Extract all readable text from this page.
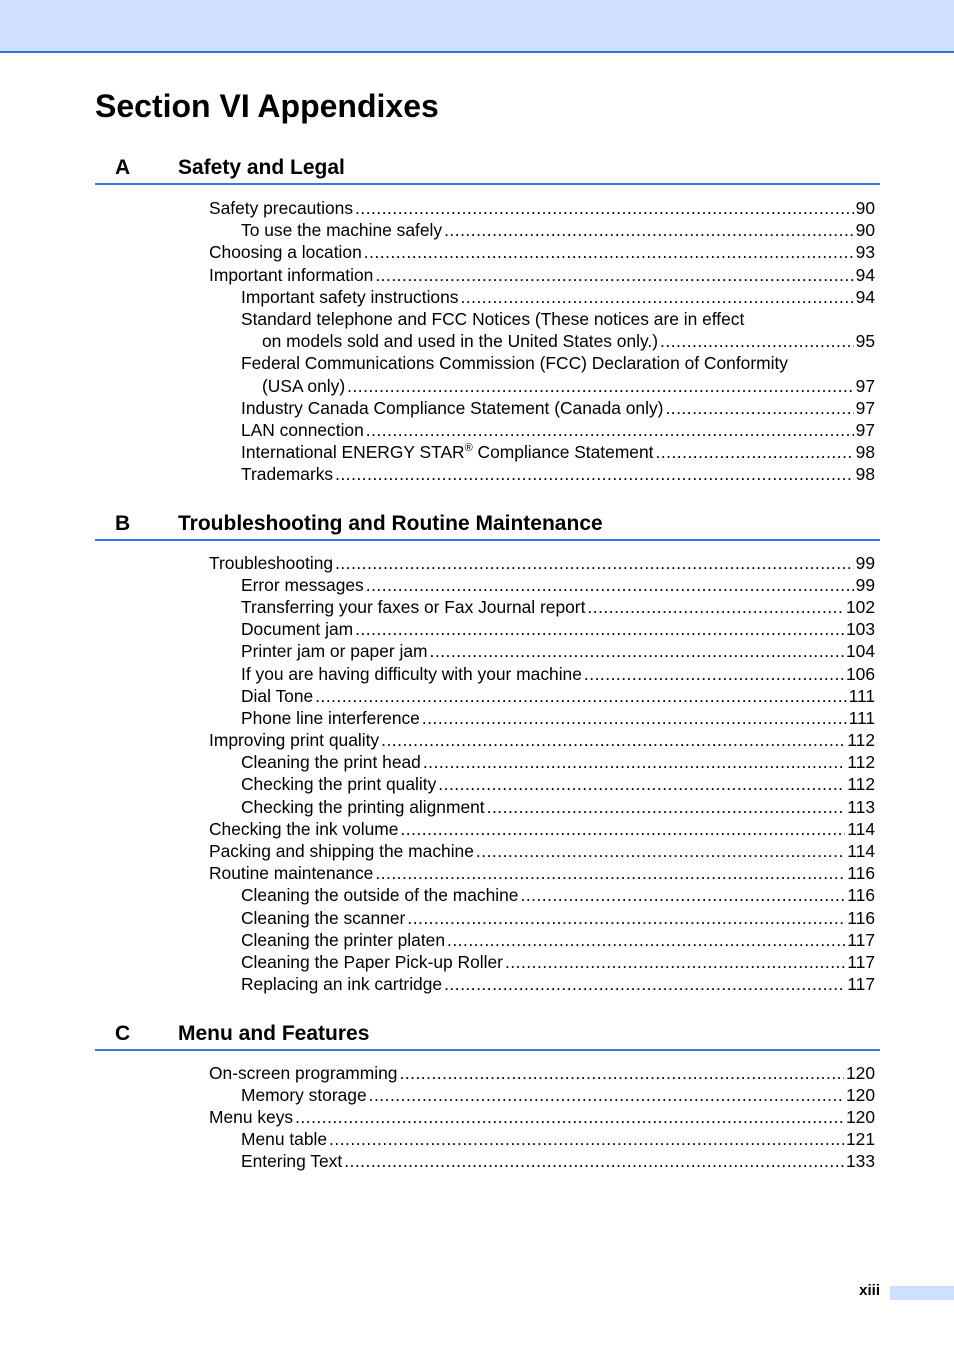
Section VI Appendixes
A Safety and Legal
Safety precautions .....	90
To use the machine safely .....	90
Choosing a location .....	93
Important information .....	94
Important safety instructions .....	94
Standard telephone and FCC Notices (These notices are in effect
on models sold and used in the United States only.) .....	95
Federal Communications Commission (FCC) Declaration of Conformity
(USA only) .....	97
Industry Canada Compliance Statement (Canada only) .....	97
LAN connection .....	97
International ENERGY STAR® Compliance Statement .....	98
Trademarks .....	98
B Troubleshooting and Routine Maintenance
Troubleshooting .....	99
Error messages .....	99
Transferring your faxes or Fax Journal report .....	102
Document jam .....	103
Printer jam or paper jam .....	104
If you are having difficulty with your machine .....	106
Dial Tone .....	111
Phone line interference .....	111
Improving print quality .....	112
Cleaning the print head .....	112
Checking the print quality .....	112
Checking the printing alignment .....	113
Checking the ink volume .....	114
Packing and shipping the machine .....	114
Routine maintenance .....	116
Cleaning the outside of the machine .....	116
Cleaning the scanner .....	116
Cleaning the printer platen .....	117
Cleaning the Paper Pick-up Roller .....	117
Replacing an ink cartridge .....	117
C Menu and Features
On-screen programming .....	120
Memory storage .....	120
Menu keys .....	120
Menu table .....	121
Entering Text .....	133
xiii
